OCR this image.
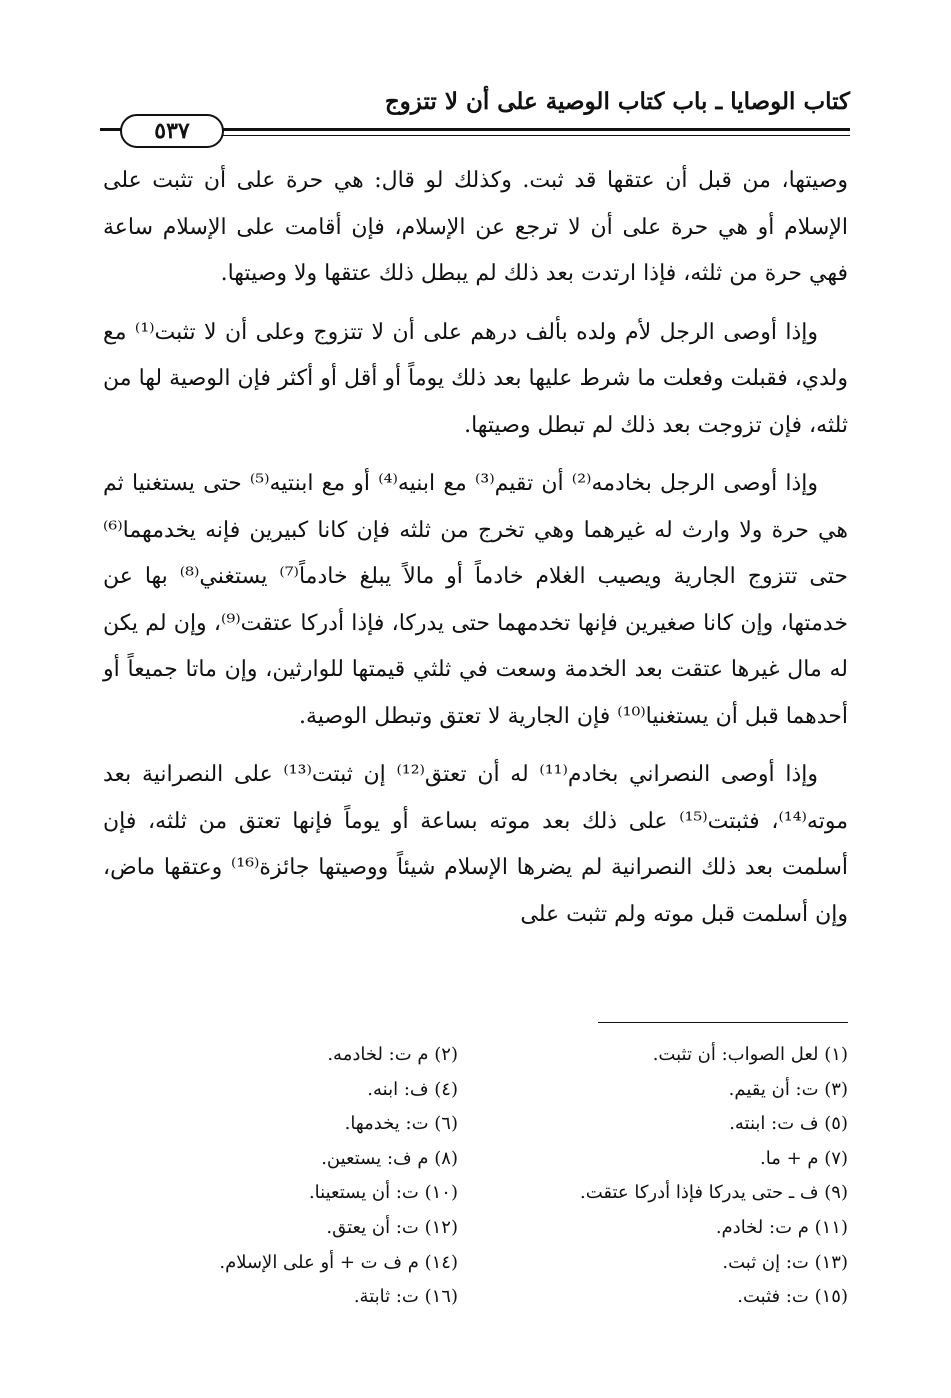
كتاب الوصايا ـ باب كتاب الوصية على أن لا تتزوج
٥٣٧

وصيتها، من قبل أن عتقها قد ثبت. وكذلك لو قال: هي حرة على أن تثبت على الإسلام أو هي حرة على أن لا ترجع عن الإسلام، فإن أقامت على الإسلام ساعة فهي حرة من ثلثه، فإذا ارتدت بعد ذلك لم يبطل ذلك عتقها ولا وصيتها.

وإذا أوصى الرجل لأم ولده بألف درهم على أن لا تتزوج وعلى أن لا تثبت⁽¹⁾ مع ولدي، فقبلت وفعلت ما شرط عليها بعد ذلك يوماً أو أقل أو أكثر فإن الوصية لها من ثلثه، فإن تزوجت بعد ذلك لم تبطل وصيتها.

وإذا أوصى الرجل بخادمه⁽²⁾ أن تقيم⁽³⁾ مع ابنيه⁽⁴⁾ أو مع ابنتيه⁽⁵⁾ حتى يستغنيا ثم هي حرة ولا وارث له غيرهما وهي تخرج من ثلثه فإن كانا كبيرين فإنه يخدمهما⁽⁶⁾ حتى تتزوج الجارية ويصيب الغلام خادماً أو مالاً يبلغ خادماً⁽⁷⁾ يستغني⁽⁸⁾ بها عن خدمتها، وإن كانا صغيرين فإنها تخدمهما حتى يدركا، فإذا أدركا عتقت⁽⁹⁾، وإن لم يكن له مال غيرها عتقت بعد الخدمة وسعت في ثلثي قيمتها للوارثين، وإن ماتا جميعاً أو أحدهما قبل أن يستغنيا⁽¹⁰⁾ فإن الجارية لا تعتق وتبطل الوصية.

وإذا أوصى النصراني بخادم⁽¹¹⁾ له أن تعتق⁽¹²⁾ إن ثبتت⁽¹³⁾ على النصرانية بعد موته⁽¹⁴⁾، فثبتت⁽¹⁵⁾ على ذلك بعد موته بساعة أو يوماً فإنها تعتق من ثلثه، فإن أسلمت بعد ذلك النصرانية لم يضرها الإسلام شيئاً ووصيتها جائزة⁽¹⁶⁾ وعتقها ماض، وإن أسلمت قبل موته ولم تثبت على

(١) لعل الصواب: أن تثبت.
(٣) ت: أن يقيم.
(٥) ف ت: ابنته.
(٧) م + ما.
(٩) ف ـ حتى يدركا فإذا أدركا عتقت.
(١١) م ت: لخادم.
(١٣) ت: إن ثبت.
(١٥) ت: فثبت.
(٢) م ت: لخادمه.
(٤) ف: ابنه.
(٦) ت: يخدمها.
(٨) م ف: يستعين.
(١٠) ت: أن يستعينا.
(١٢) ت: أن يعتق.
(١٤) م ف ت + أو على الإسلام.
(١٦) ت: ثابتة.
